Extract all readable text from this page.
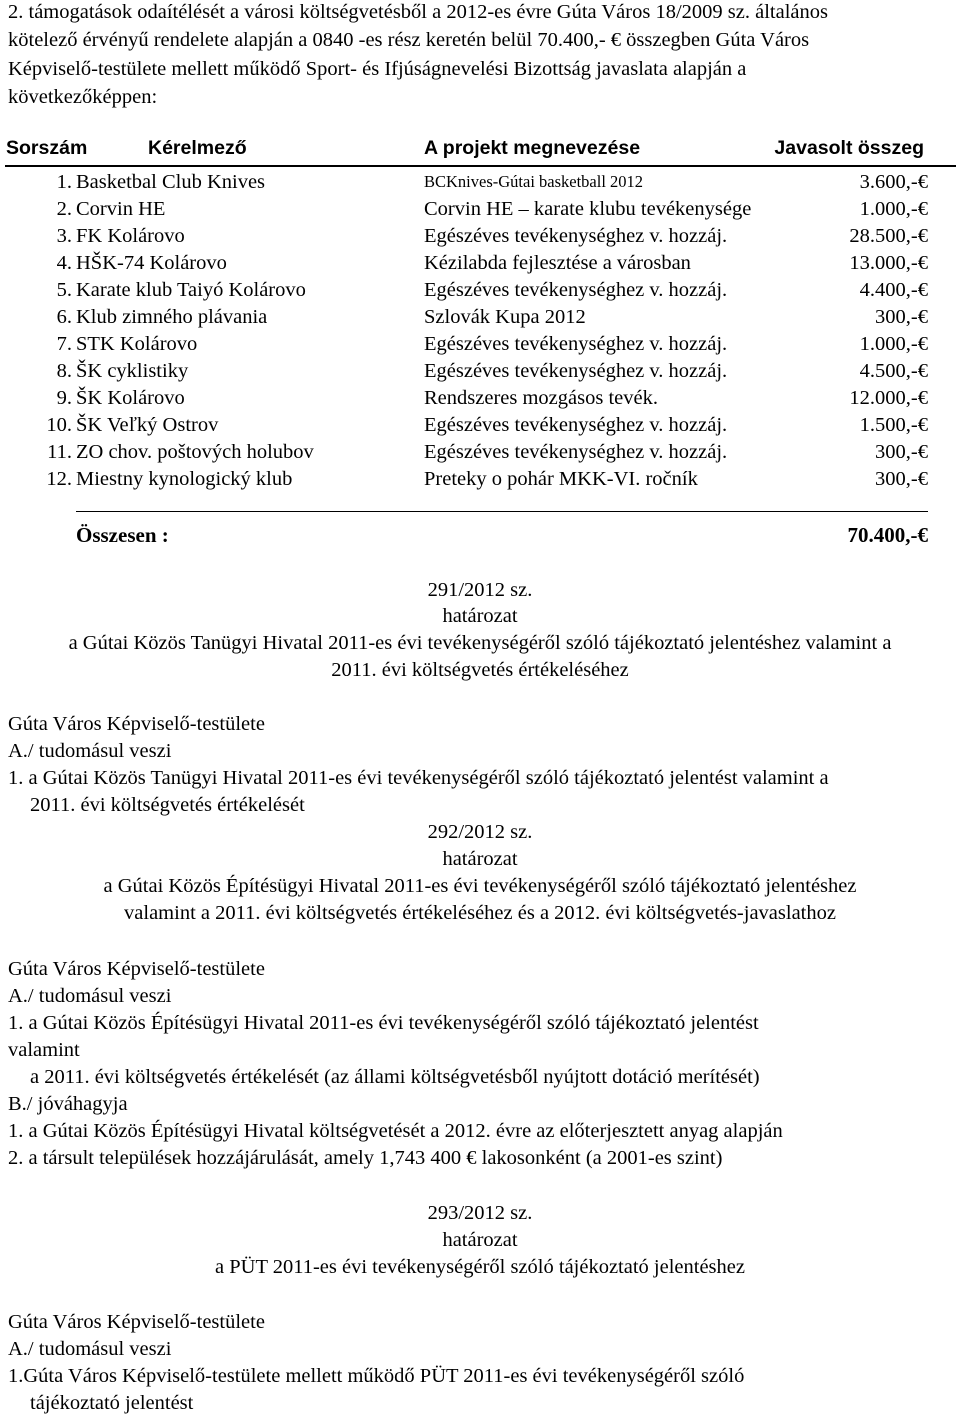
2. támogatások odaítélését a városi költségvetésből a 2012-es évre Gúta Város 18/2009 sz. általános
kötelező érvényű rendelete alapján a 0840 -es rész keretén belül 70.400,- € összegben Gúta Város
Képviselő-testülete mellett működő Sport- és Ifjúságnevelési Bizottság javaslata alapján a
következőképpen:
Sorszám	Kérelmező	A projekt megnevezése	Javasolt összeg
1. Basketbal Club Knives	BCKnives-Gútai basketball 2012	3.600,-€
2. Corvin HE	Corvin HE – karate klubu tevékenysége	1.000,-€
3. FK Kolárovo	Egészéves tevékenységhez v. hozzáj.	28.500,-€
4. HŠK-74 Kolárovo	Kézilabda fejlesztése a városban	13.000,-€
5. Karate klub Taiyó Kolárovo	Egészéves tevékenységhez v. hozzáj.	4.400,-€
6. Klub zimného plávania	Szlovák Kupa 2012	300,-€
7. STK Kolárovo	Egészéves tevékenységhez v. hozzáj.	1.000,-€
8. ŠK cyklistiky	Egészéves tevékenységhez v. hozzáj.	4.500,-€
9. ŠK Kolárovo	Rendszeres mozgásos tevék.	12.000,-€
10. ŠK Veľký Ostrov	Egészéves tevékenységhez v. hozzáj.	1.500,-€
11. ZO chov. poštových holubov	Egészéves tevékenységhez v. hozzáj.	300,-€
12. Miestny kynologický klub	Preteky o pohár MKK-VI. ročník	300,-€
Összesen :	70.400,-€
291/2012 sz.
határozat
a Gútai Közös Tanügyi Hivatal 2011-es évi tevékenységéről szóló tájékoztató jelentéshez valamint a
2011. évi költségvetés értékeléséhez
Gúta Város Képviselő-testülete
A./ tudomásul veszi
1. a Gútai Közös Tanügyi Hivatal 2011-es évi tevékenységéről szóló tájékoztató jelentést valamint a
2011. évi költségvetés értékelését
292/2012 sz.
határozat
a Gútai Közös Építésügyi Hivatal 2011-es évi tevékenységéről szóló tájékoztató jelentéshez
valamint a 2011. évi költségvetés értékeléséhez és a 2012. évi költségvetés-javaslathoz
Gúta Város Képviselő-testülete
A./ tudomásul veszi
1. a Gútai Közös Építésügyi Hivatal 2011-es évi tevékenységéről szóló tájékoztató jelentést
valamint
a 2011. évi költségvetés értékelését (az állami költségvetésből nyújtott dotáció merítését)
B./ jóváhagyja
1. a Gútai Közös Építésügyi Hivatal költségvetését a 2012. évre az előterjesztett anyag alapján
2. a társult települések hozzájárulását, amely 1,743 400 € lakosonként (a 2001-es szint)
293/2012 sz.
határozat
a PÜT 2011-es évi tevékenységéről szóló tájékoztató jelentéshez
Gúta Város Képviselő-testülete
A./ tudomásul veszi
1.Gúta Város Képviselő-testülete mellett működő PÜT 2011-es évi tevékenységéről szóló
tájékoztató jelentést
